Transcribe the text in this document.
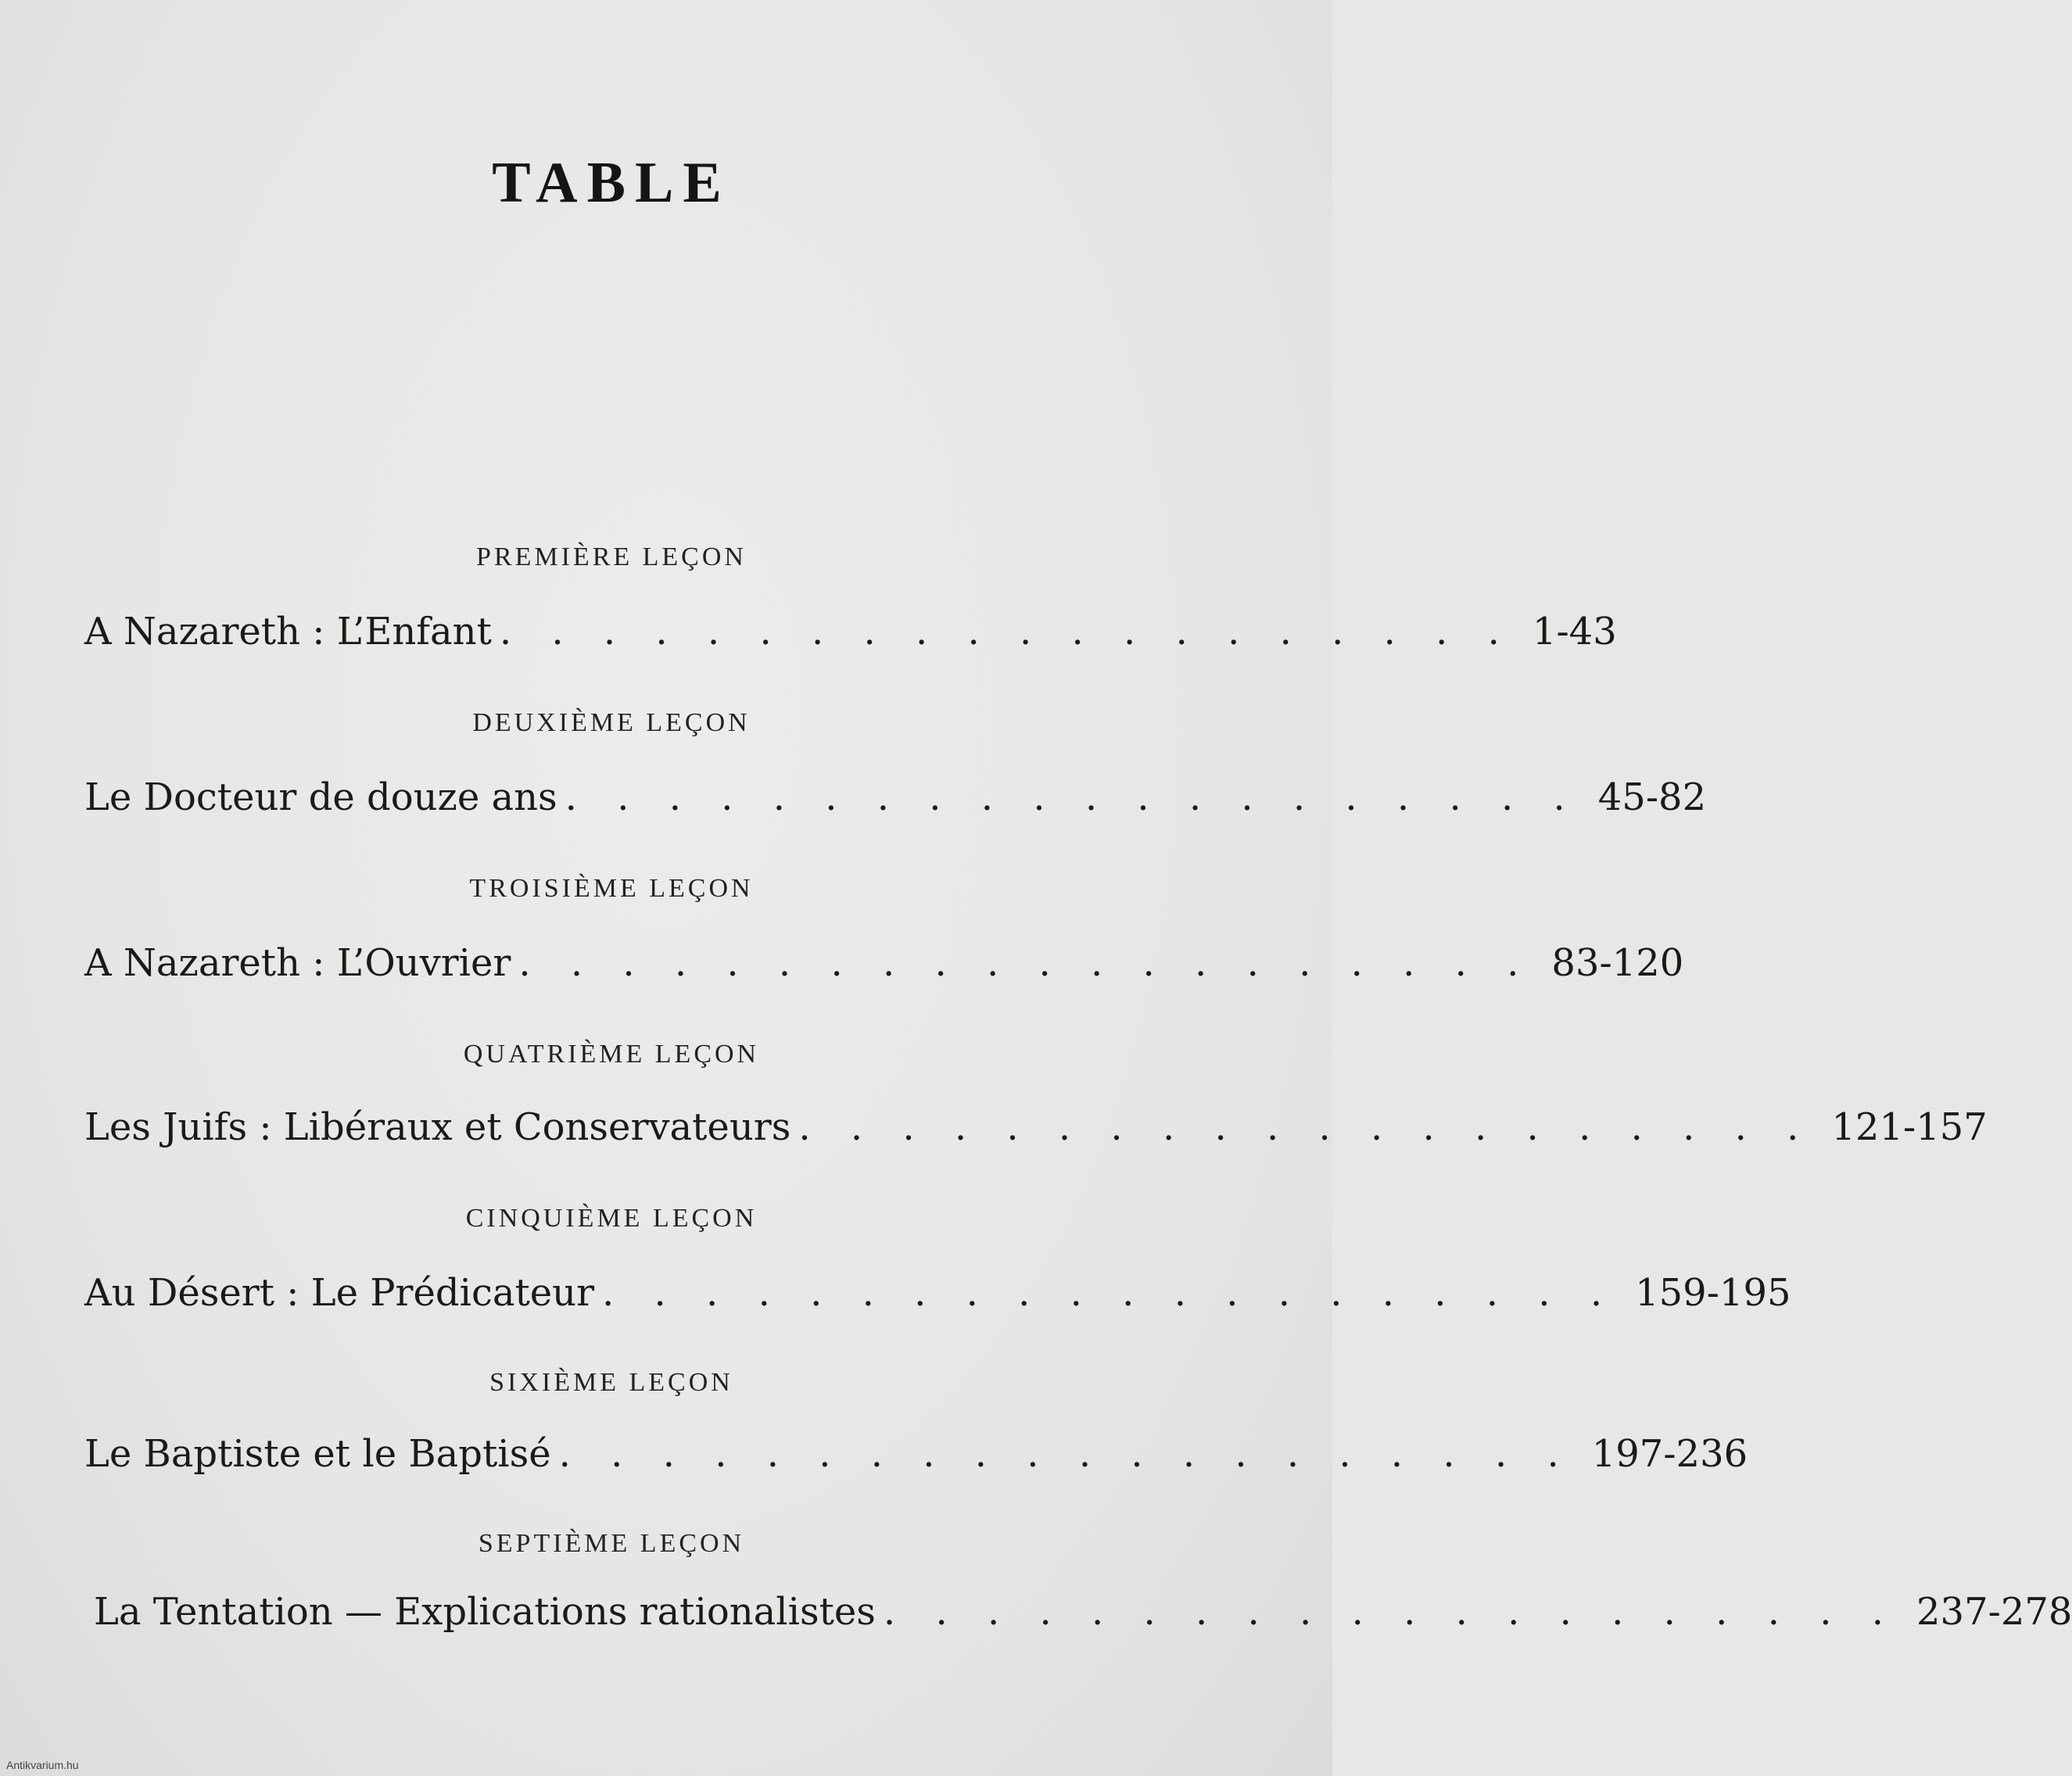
TABLE
PREMIÈRE LEÇON
A Nazareth : L’Enfant . . . . . . . . . . . . . . . . . . . . 1-43
DEUXIÈME LEÇON
Le Docteur de douze ans . . . . . . . . . . . . . . . . . . . . 45-82
TROISIÈME LEÇON
A Nazareth : L’Ouvrier . . . . . . . . . . . . . . . . . . . . 83-120
QUATRIÈME LEÇON
Les Juifs : Libéraux et Conservateurs . . . . . . . . . . . . . . . . . . . . 121-157
CINQUIÈME LEÇON
Au Désert : Le Prédicateur . . . . . . . . . . . . . . . . . . . . 159-195
SIXIÈME LEÇON
Le Baptiste et le Baptisé . . . . . . . . . . . . . . . . . . . . 197-236
SEPTIÈME LEÇON
La Tentation — Explications rationalistes . . . . . . . . . . . . . . . . . . . . 237-278
Antikvarium.hu
